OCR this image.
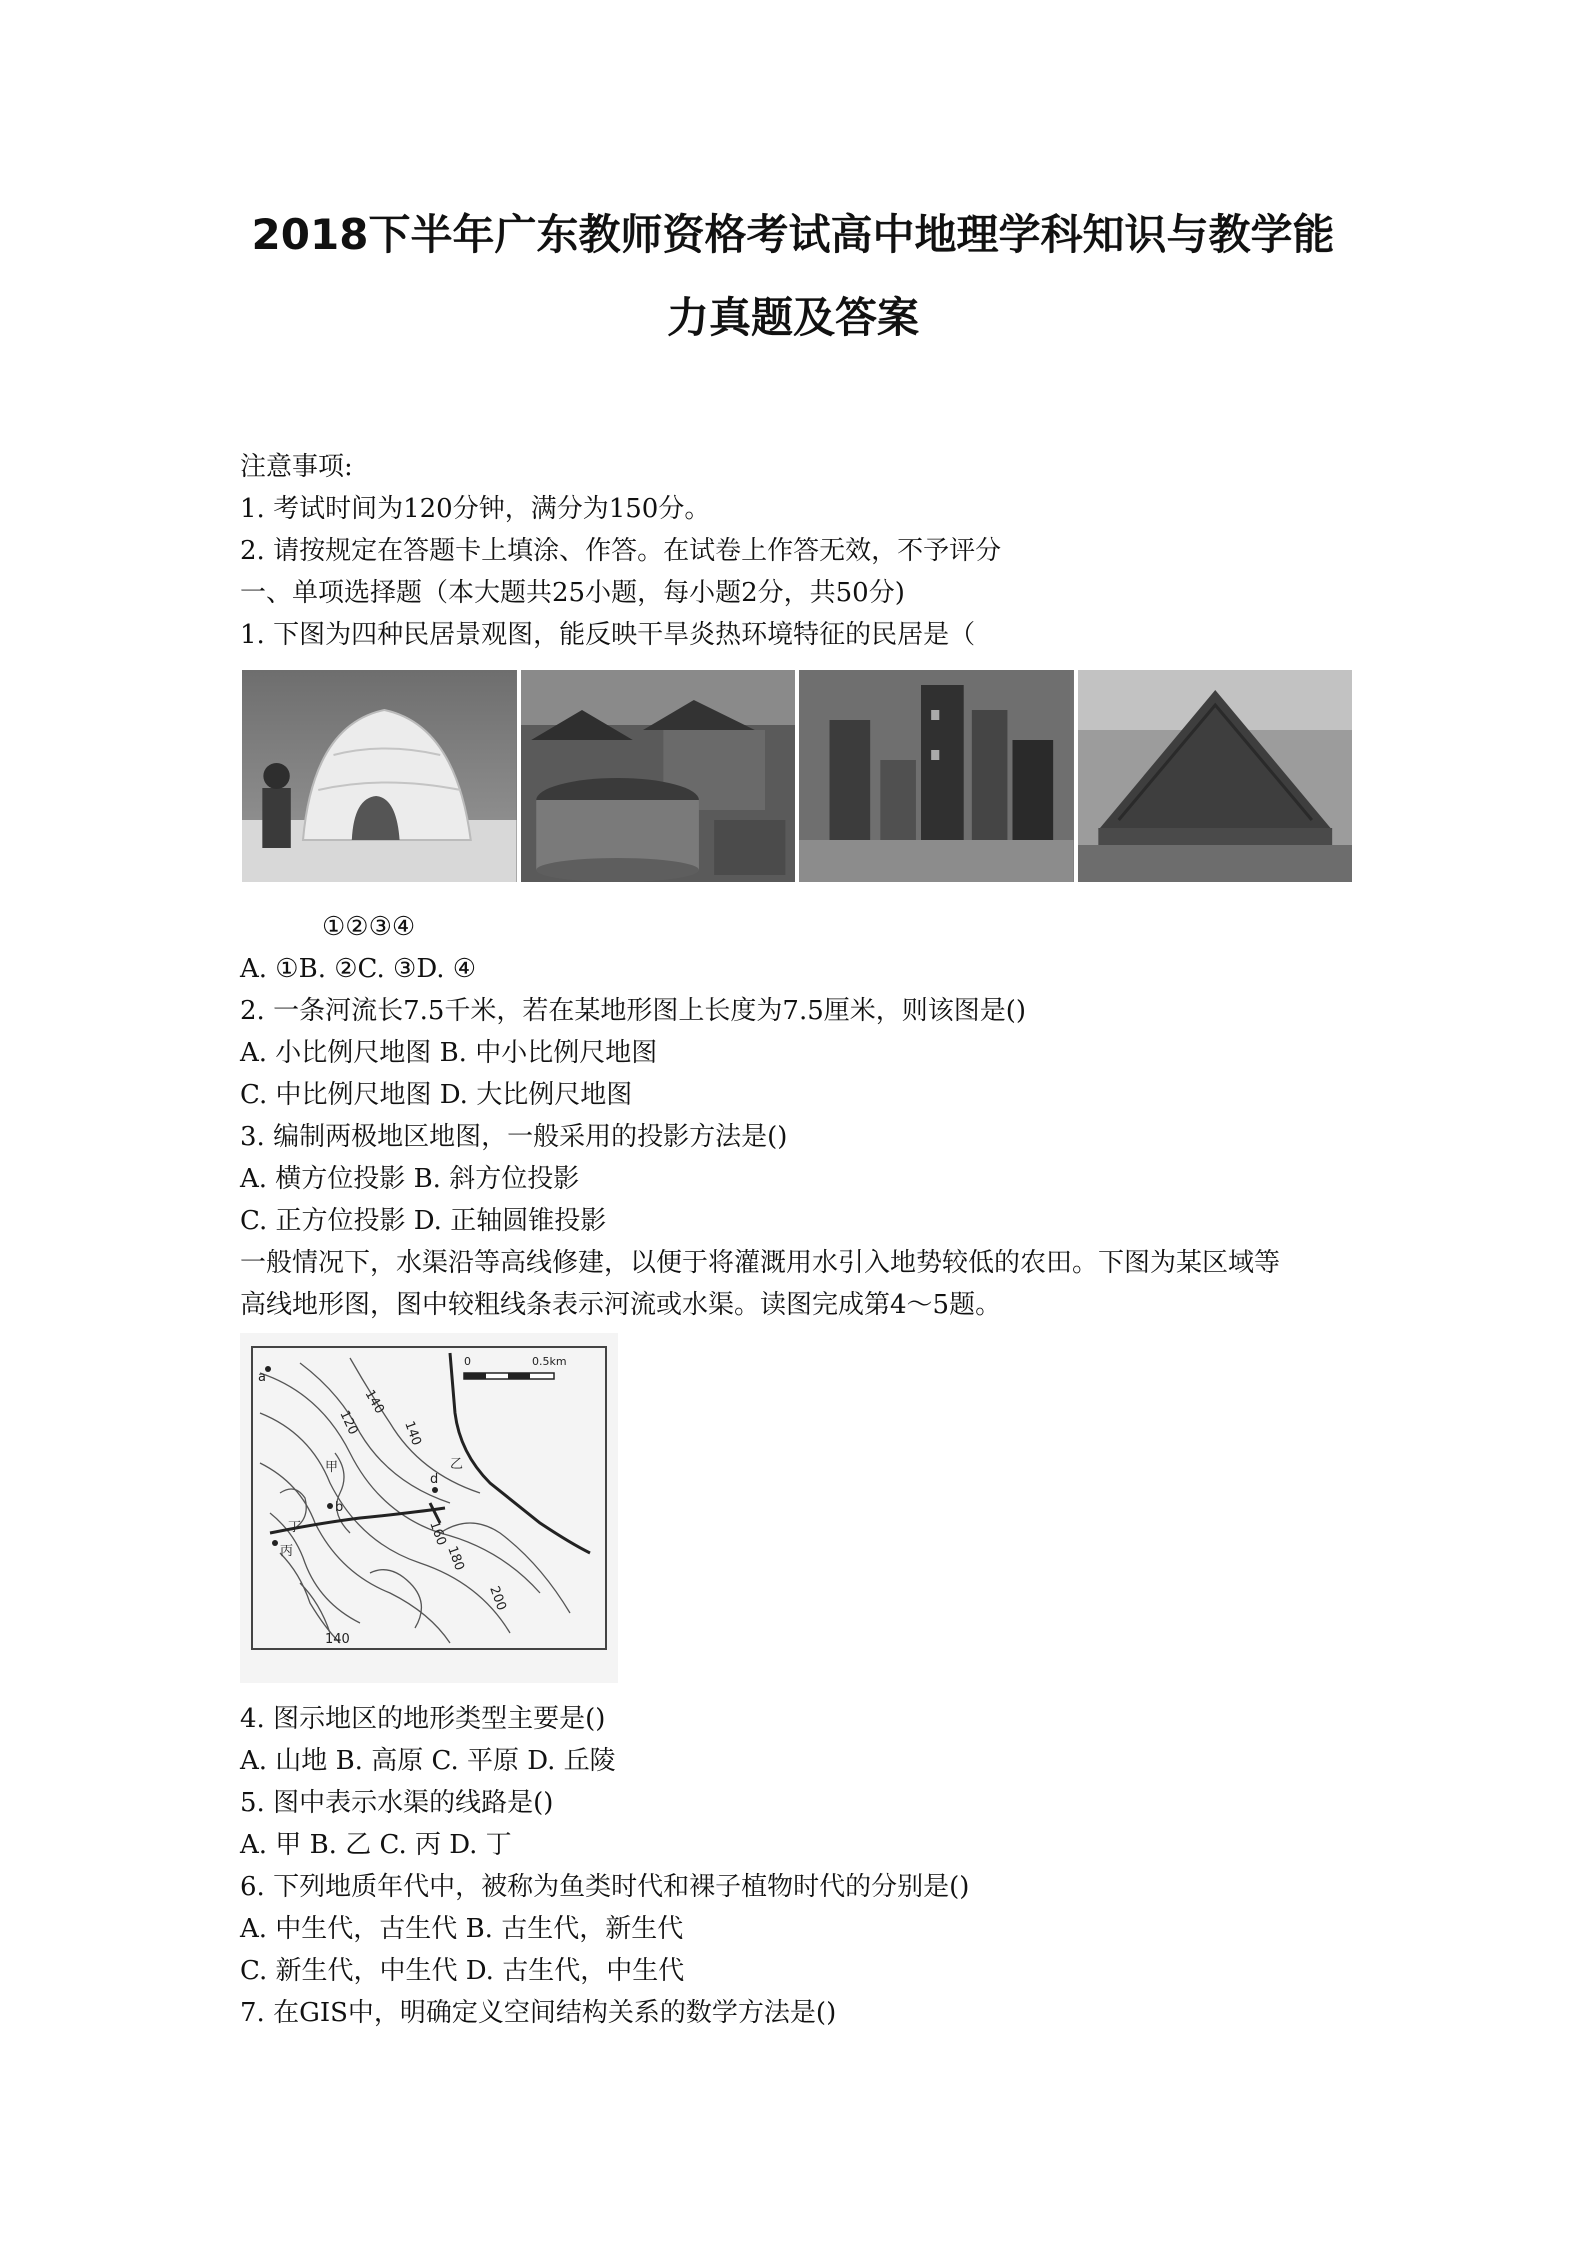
2018下半年广东教师资格考试高中地理学科知识与教学能
力真题及答案
注意事项:
1. 考试时间为120分钟，满分为150分。
2. 请按规定在答题卡上填涂、作答。在试卷上作答无效，不予评分
一、单项选择题（本大题共25小题，每小题2分，共50分)
1. 下图为四种民居景观图，能反映干旱炎热环境特征的民居是（
①②③④
A. ①B. ②C. ③D. ④
2. 一条河流长7.5千米，若在某地形图上长度为7.5厘米，则该图是()
A. 小比例尺地图 B. 中小比例尺地图
C. 中比例尺地图 D. 大比例尺地图
3. 编制两极地区地图，一般采用的投影方法是()
A. 横方位投影 B. 斜方位投影
C. 正方位投影 D. 正轴圆锥投影
一般情况下，水渠沿等高线修建，以便于将灌溉用水引入地势较低的农田。下图为某区域等
高线地形图，图中较粗线条表示河流或水渠。读图完成第4～5题。
0	0.5km
140
120	140
160
180
200
140
甲	乙
丙
丁
a
b
d
4. 图示地区的地形类型主要是()
A. 山地 B. 高原 C. 平原 D. 丘陵
5. 图中表示水渠的线路是()
A. 甲 B. 乙 C. 丙 D. 丁
6. 下列地质年代中，被称为鱼类时代和裸子植物时代的分别是()
A. 中生代，古生代 B. 古生代，新生代
C. 新生代，中生代 D. 古生代，中生代
7. 在GIS中，明确定义空间结构关系的数学方法是()
